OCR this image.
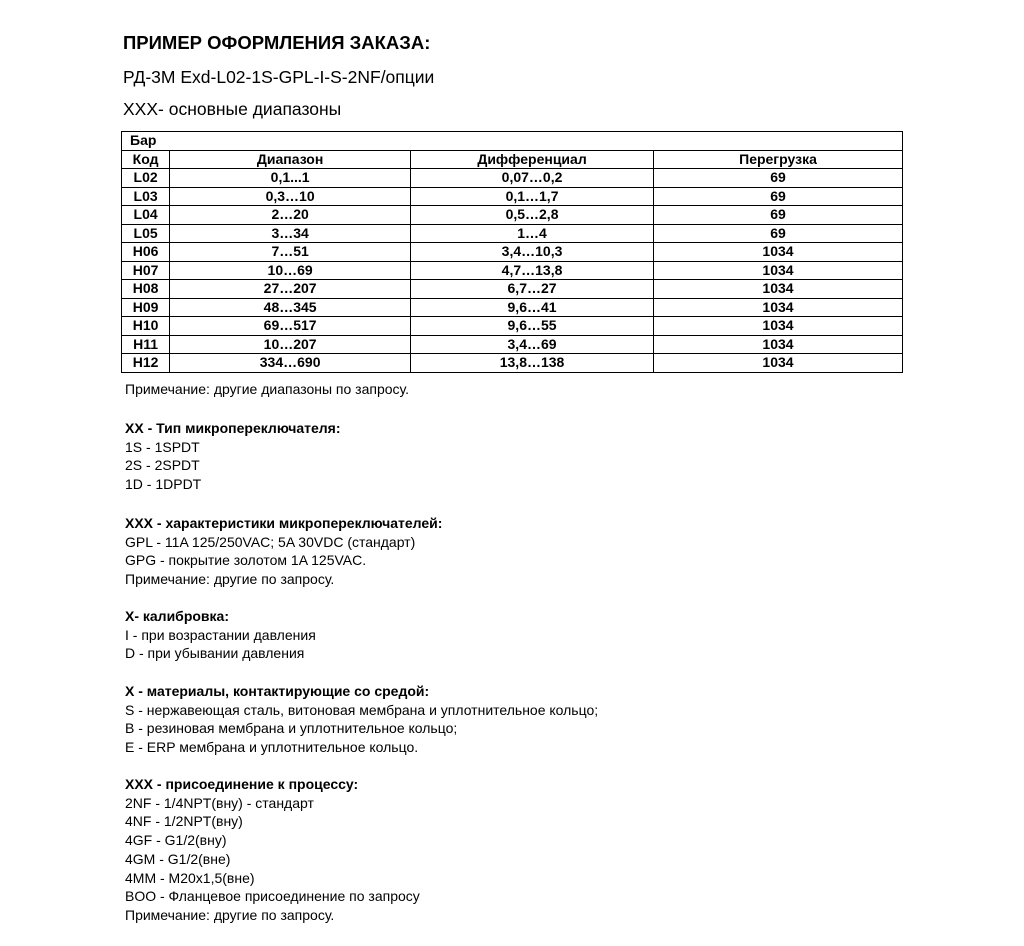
ПРИМЕР ОФОРМЛЕНИЯ ЗАКАЗА:
РД-3М Exd-L02-1S-GPL-I-S-2NF/опции
XXX- основные диапазоны
Бар			
Код	Диапазон	Дифференциал	Перегрузка
L02	0,1...1	0,07…0,2	69
L03	0,3…10	0,1…1,7	69
L04	2…20	0,5…2,8	69
L05	3…34	1…4	69
H06	7…51	3,4…10,3	1034
H07	10…69	4,7…13,8	1034
H08	27…207	6,7…27	1034
H09	48…345	9,6…41	1034
H10	69…517	9,6…55	1034
H11	10…207	3,4…69	1034
H12	334…690	13,8…138	1034
Примечание: другие диапазоны по запросу.
XX - Тип микропереключателя:
1S - 1SPDT
2S - 2SPDT
1D - 1DPDT
XXX - характеристики микропереключателей:
GPL - 11A 125/250VAC; 5A 30VDC (стандарт)
GPG - покрытие золотом 1A 125VAC.
Примечание: другие по запросу.
X- калибровка:
I - при возрастании давления
D - при убывании давления
X - материалы, контактирующие со средой:
S - нержавеющая сталь, витоновая мембрана и уплотнительное кольцо;
B - резиновая мембрана и уплотнительное кольцо;
E - ERP мембрана и уплотнительное кольцо.
XXX - присоединение к процессу:
2NF - 1/4NPT(вну) - стандарт
4NF - 1/2NPT(вну)
4GF - G1/2(вну)
4GM - G1/2(вне)
4MM - M20x1,5(вне)
BOO - Фланцевое присоединение по запросу
Примечание: другие по запросу.
